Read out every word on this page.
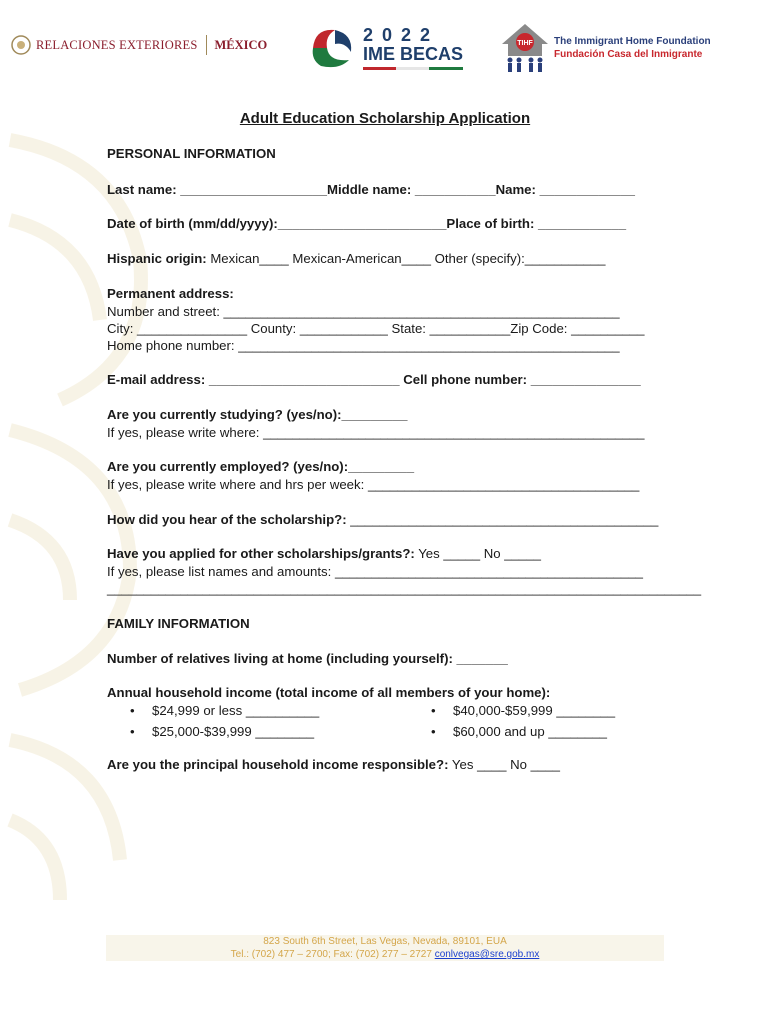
RELACIONES EXTERIORES MÉXICO	2022
IME BECAS
TIHF The Immigrant Home Foundation
Fundación Casa del Inmigrante
Adult Education Scholarship Application
PERSONAL INFORMATION
Last name: ____________________Middle name: ___________Name: _____________
Date of birth (mm/dd/yyyy):_______________________Place of birth: ____________
Hispanic origin: Mexican____ Mexican-American____ Other (specify):___________
Permanent address:
Number and street: ______________________________________________________
City: _______________ County: ____________ State: ___________Zip Code: __________
Home phone number: ____________________________________________________
E-mail address: __________________________ Cell phone number: _______________
Are you currently studying? (yes/no):_________
If yes, please write where: ____________________________________________________
Are you currently employed? (yes/no):_________
If yes, please write where and hrs per week: _____________________________________
How did you hear of the scholarship?: __________________________________________
Have you applied for other scholarships/grants?: Yes _____ No _____
If yes, please list names and amounts: __________________________________________
_________________________________________________________________________________
FAMILY INFORMATION
Number of relatives living at home (including yourself): _______
Annual household income (total income of all members of your home):
• $24,999 or less __________	• $40,000-$59,999 ________
• $25,000-$39,999 ________	• $60,000 and up ________
Are you the principal household income responsible?: Yes ____ No ____
823 South 6th Street, Las Vegas, Nevada, 89101, EUA
Tel.: (702) 477 – 2700; Fax: (702) 277 – 2727 conlvegas@sre.gob.mx
